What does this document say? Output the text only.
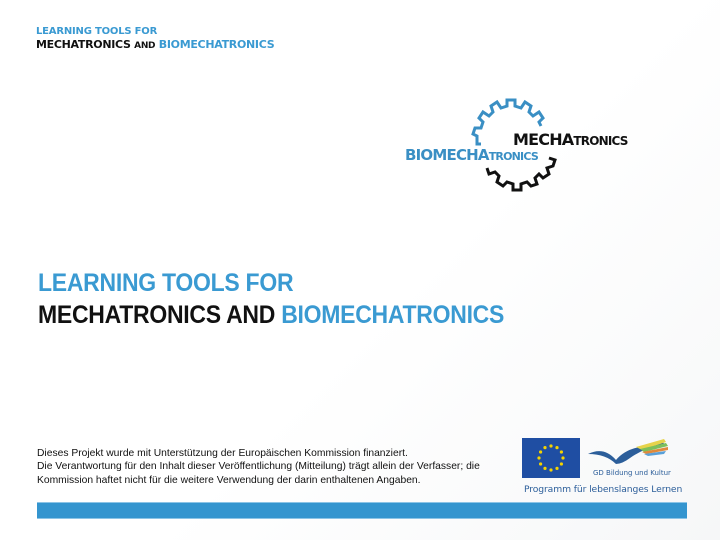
LEARNING TOOLS FOR
MECHATRONICS AND BIOMECHATRONICS
MECHATRONICS
BIOMECHATRONICS
LEARNING TOOLS FOR
MECHATRONICS AND BIOMECHATRONICS
Dieses Projekt wurde mit Unterstützung der Europäischen Kommission finanziert.
Die Verantwortung für den Inhalt dieser Veröffentlichung (Mitteilung) trägt allein der Verfasser; die
Kommission haftet nicht für die weitere Verwendung der darin enthaltenen Angaben.
GD Bildung und Kultur
Programm für lebenslanges Lernen
